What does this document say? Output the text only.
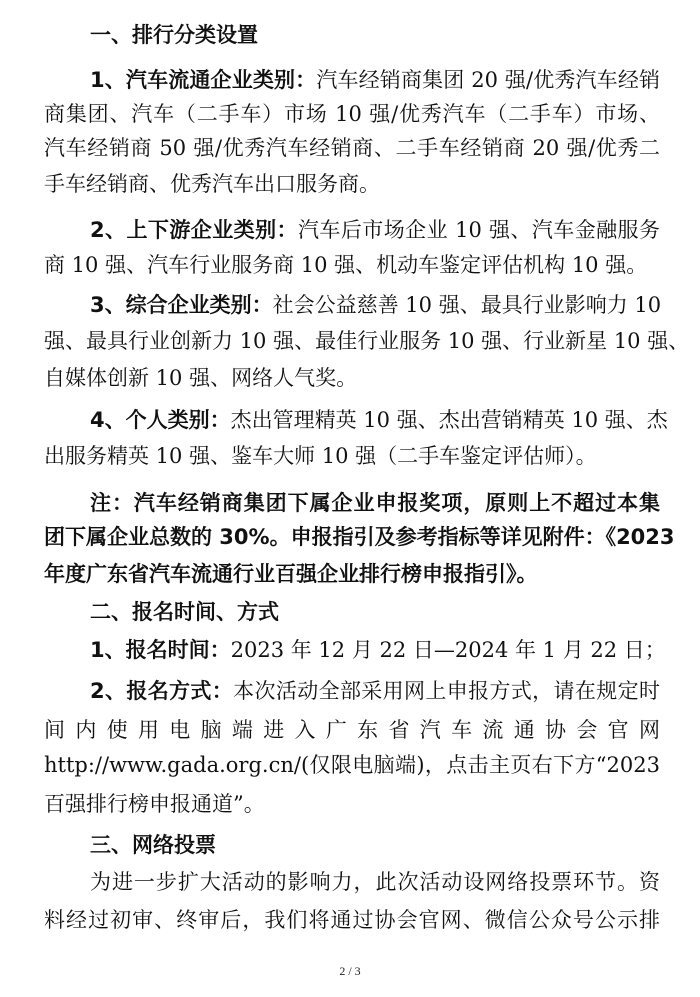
一、排行分类设置
1、汽车流通企业类别：汽车经销商集团 20 强/优秀汽车经销
商集团、汽车（二手车）市场 10 强/优秀汽车（二手车）市场、
汽车经销商 50 强/优秀汽车经销商、二手车经销商 20 强/优秀二
手车经销商、优秀汽车出口服务商。
2、上下游企业类别：汽车后市场企业 10 强、汽车金融服务
商 10 强、汽车行业服务商 10 强、机动车鉴定评估机构 10 强。
3、综合企业类别：社会公益慈善 10 强、最具行业影响力 10
强、最具行业创新力 10 强、最佳行业服务 10 强、行业新星 10 强、
自媒体创新 10 强、网络人气奖。
4、个人类别：杰出管理精英 10 强、杰出营销精英 10 强、杰
出服务精英 10 强、鉴车大师 10 强（二手车鉴定评估师）。
注：汽车经销商集团下属企业申报奖项，原则上不超过本集
团下属企业总数的 30%。申报指引及参考指标等详见附件：《2023
年度广东省汽车流通行业百强企业排行榜申报指引》。
二、报名时间、方式
1、报名时间：2023 年 12 月 22 日—2024 年 1 月 22 日；
2、报名方式：本次活动全部采用网上申报方式，请在规定时
间内使用电脑端进入广东省汽车流通协会官网
http://www.gada.org.cn/(仅限电脑端)，点击主页右下方“2023
百强排行榜申报通道”。
三、网络投票
为进一步扩大活动的影响力，此次活动设网络投票环节。资
料经过初审、终审后，我们将通过协会官网、微信公众号公示排
2 / 3
